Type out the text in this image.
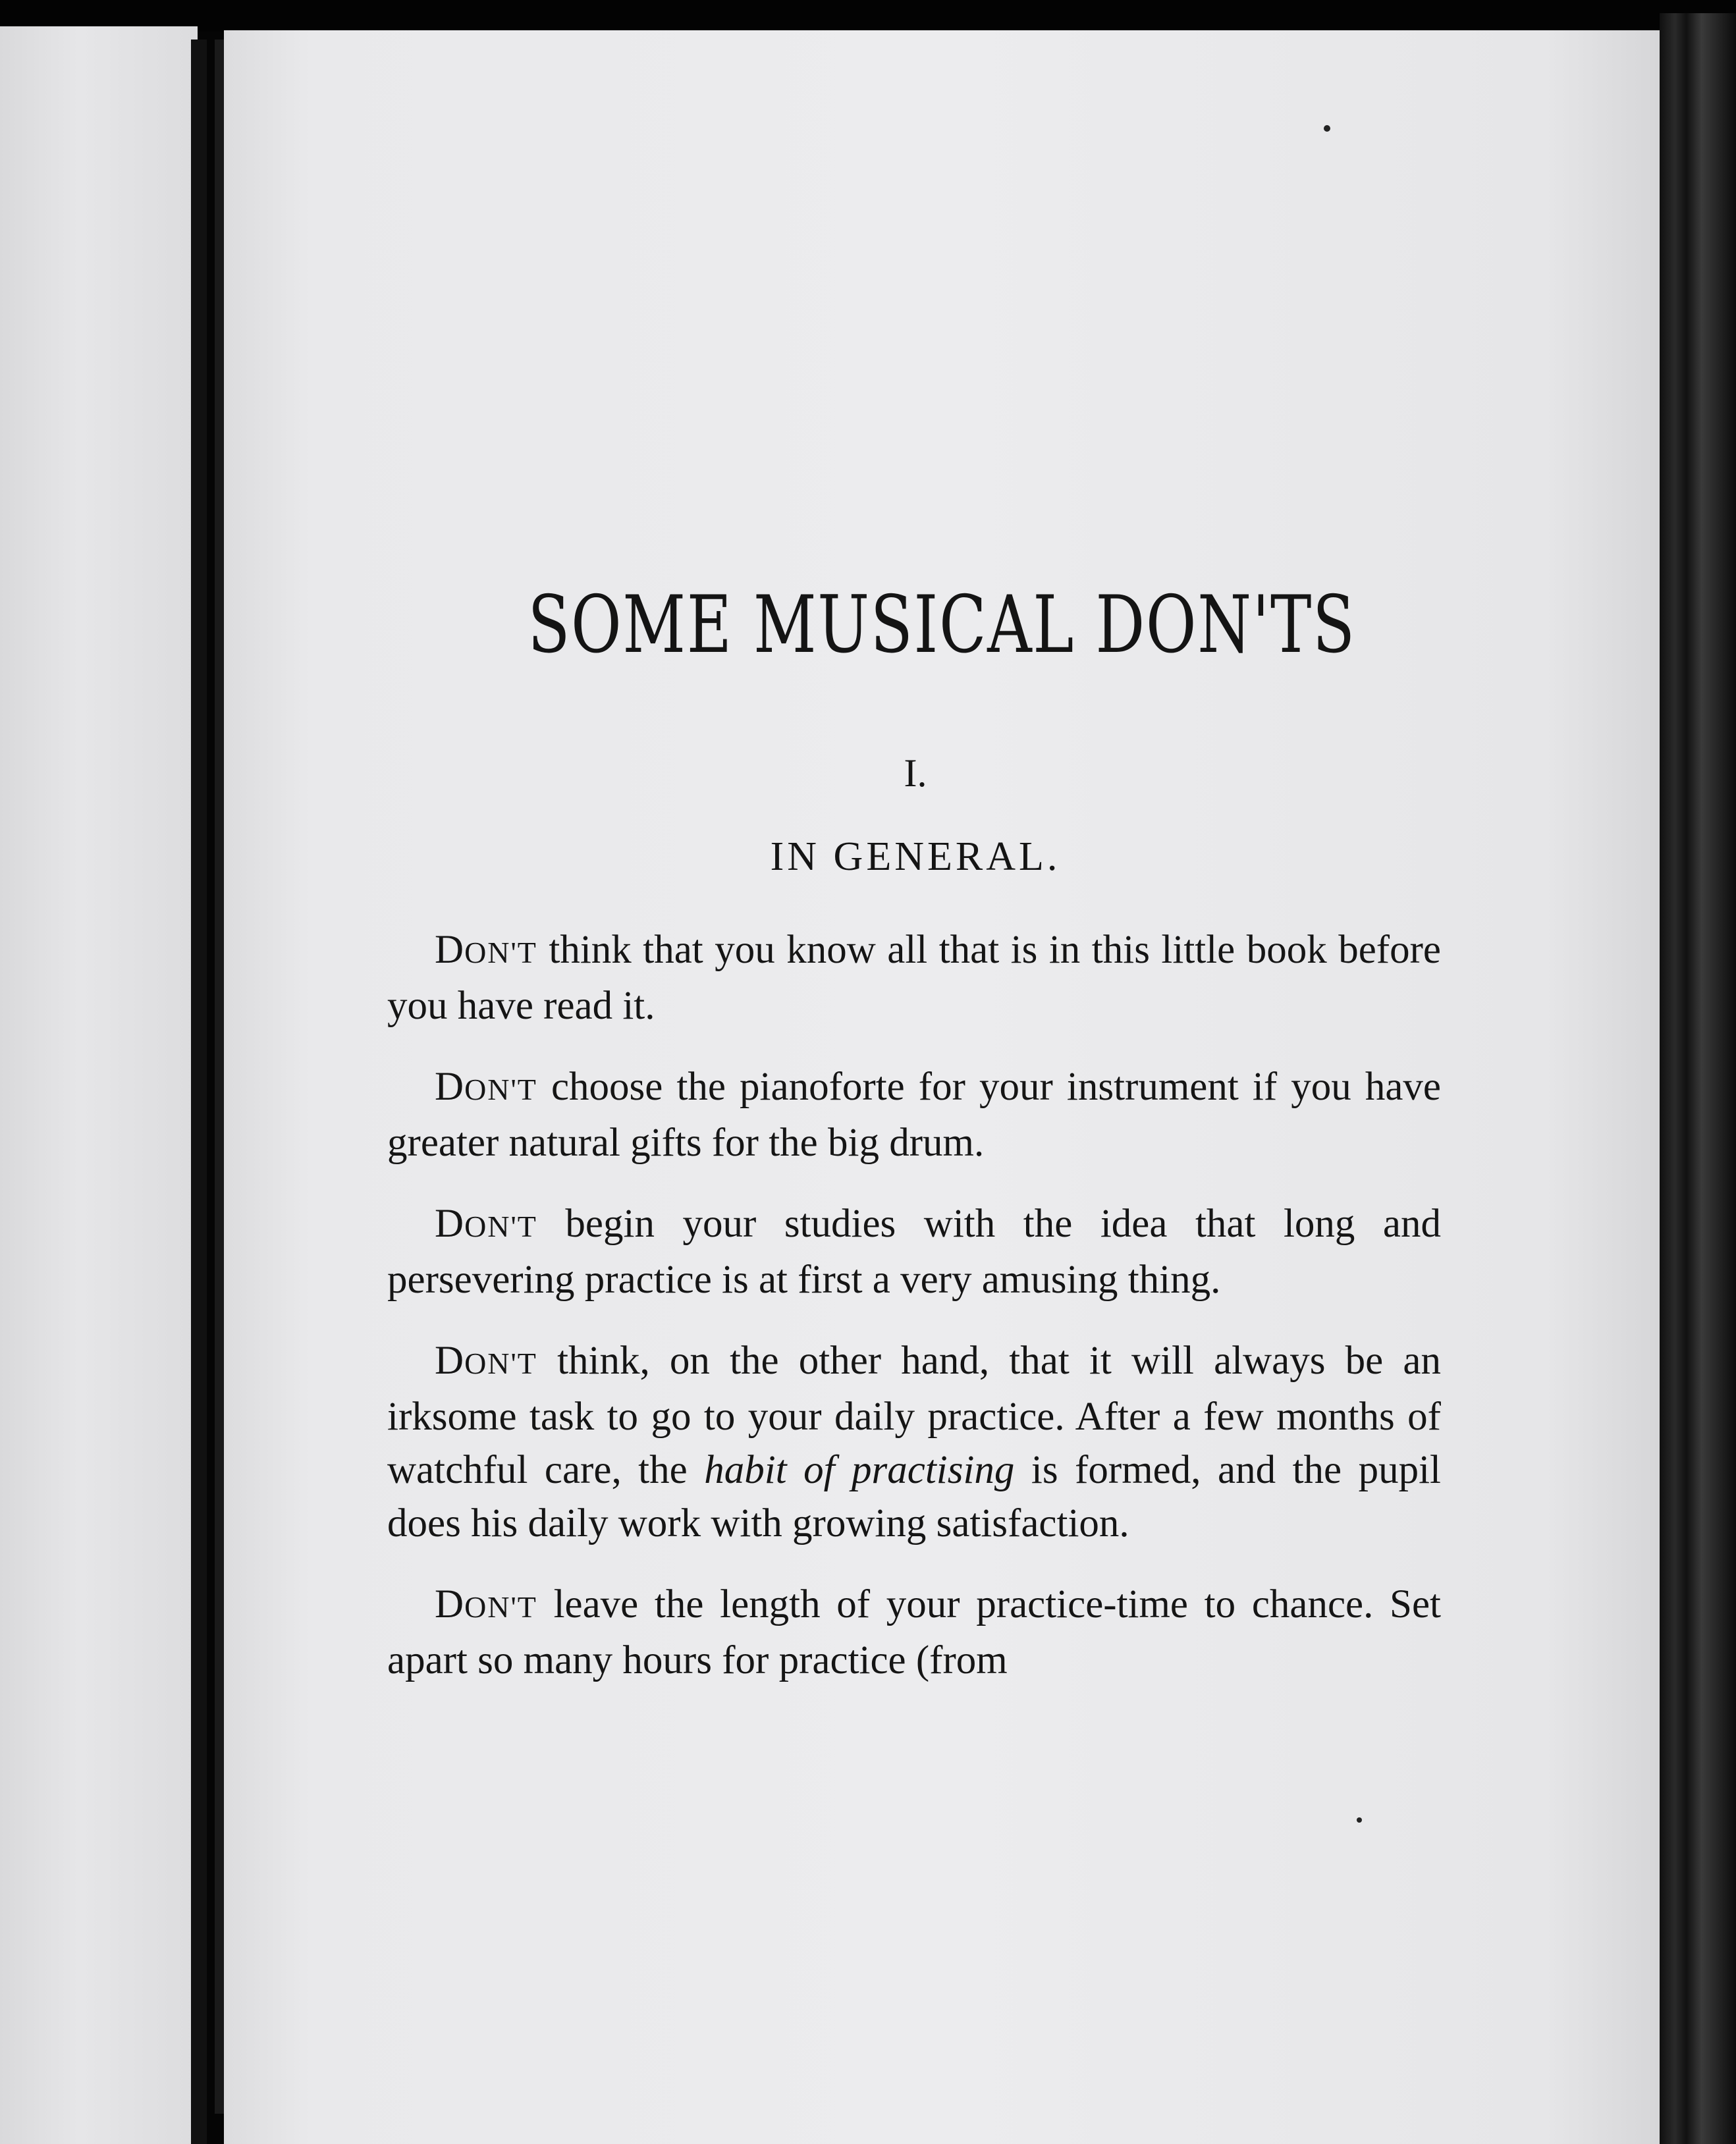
SOME MUSICAL DON'TS
I.
IN GENERAL.

DON'T think that you know all that is in this little book before you have read it.

DON'T choose the pianoforte for your instrument if you have greater natural gifts for the big drum.

DON'T begin your studies with the idea that long and persevering practice is at first a very amusing thing.

DON'T think, on the other hand, that it will always be an irksome task to go to your daily practice. After a few months of watchful care, the habit of practising is formed, and the pupil does his daily work with growing satisfaction.

DON'T leave the length of your practice-time to chance. Set apart so many hours for practice (from
